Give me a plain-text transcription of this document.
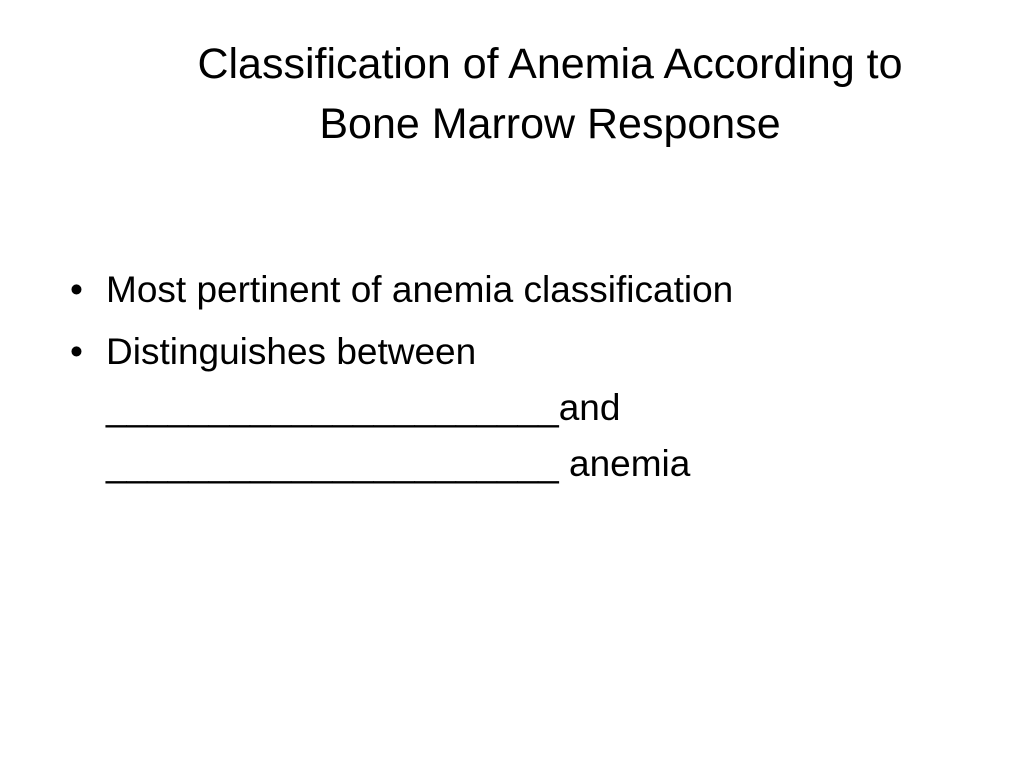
Classification of Anemia According to
Bone Marrow Response
• Most pertinent of anemia classification
• Distinguishes between
______________________and
______________________ anemia
